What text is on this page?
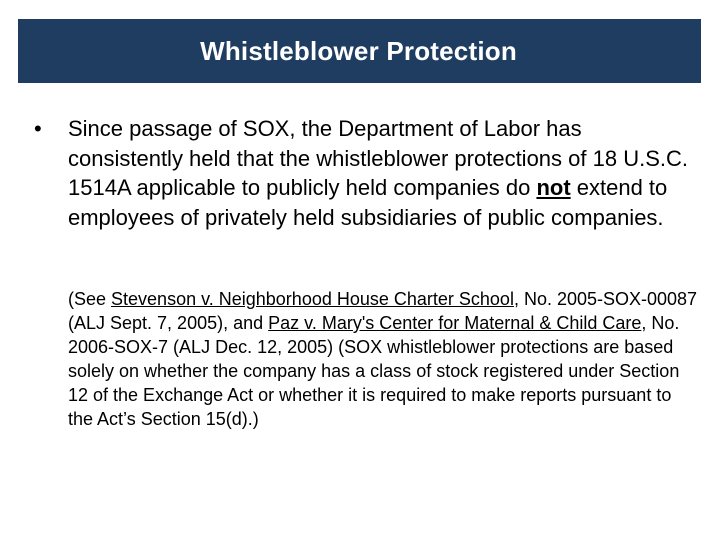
Whistleblower Protection
• Since passage of SOX, the Department of Labor has consistently held that the whistleblower protections of 18 U.S.C. 1514A applicable to publicly held companies do not extend to employees of privately held subsidiaries of public companies.
(See Stevenson v. Neighborhood House Charter School, No. 2005-SOX-00087 (ALJ Sept. 7, 2005), and Paz v. Mary's Center for Maternal & Child Care, No. 2006-SOX-7 (ALJ Dec. 12, 2005) (SOX whistleblower protections are based solely on whether the company has a class of stock registered under Section 12 of the Exchange Act or whether it is required to make reports pursuant to the Act’s Section 15(d).)
